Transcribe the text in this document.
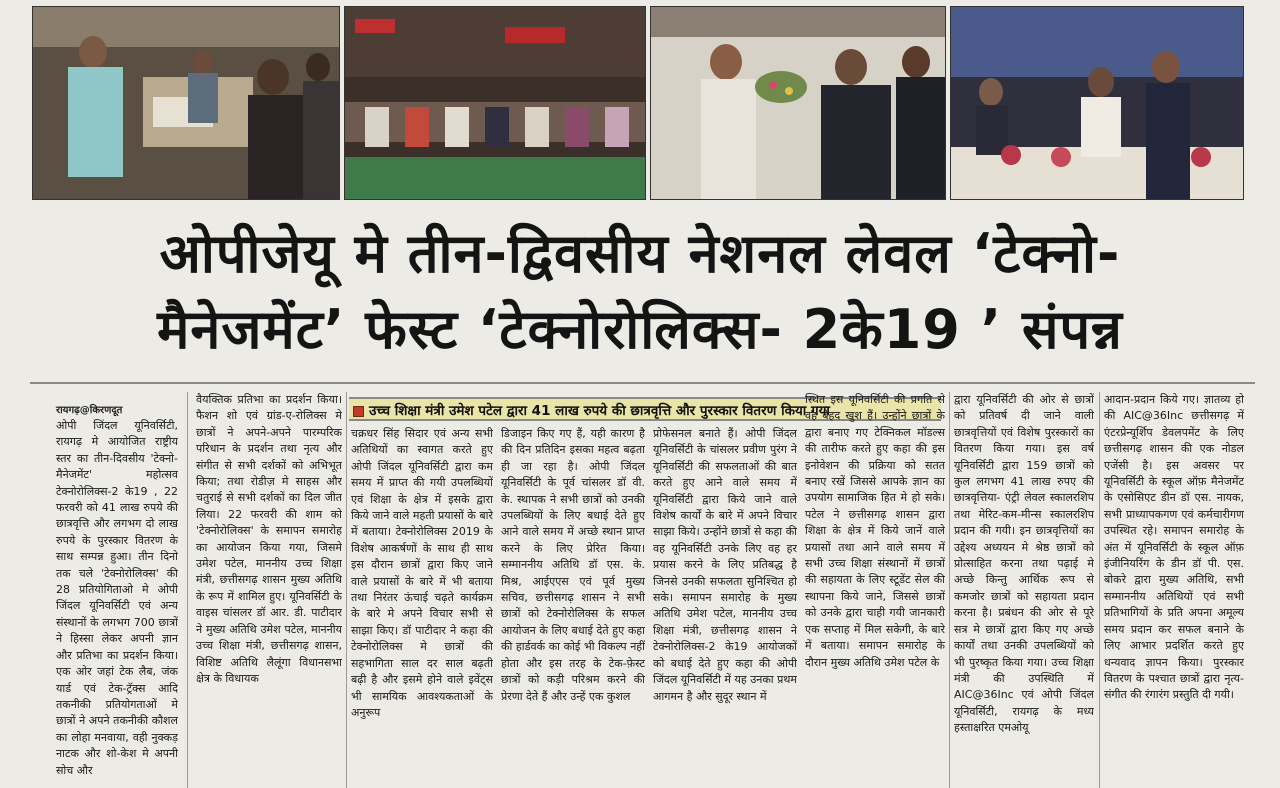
ओपीजेयू मे तीन-द्विवसीय नेशनल लेवल ‘टेक्नो-
मैनेजमेंट’ फेस्ट ‘टेक्नोरोलिक्स- 2के19 ’ संपन्न
उच्च शिक्षा मंत्री उमेश पटेल द्वारा 41 लाख रुपये की छात्रवृत्ति और पुरस्कार वितरण किया गया
रायगढ़@किरणदूत
ओपी जिंदल यूनिवर्सिटी, रायगढ़ मे आयोजित राष्ट्रीय स्तर का तीन-दिवसीय 'टेक्नो-मैनेजमेंट' महोत्सव टेक्नोरोलिक्स-2 के19 , 22 फरवरी को 41 लाख रुपये की छात्रवृत्ति और लगभग दो लाख रुपये के पुरस्कार वितरण के साथ सम्पन्न हुआ। तीन दिनो तक चले 'टेक्नोरोलिक्स' की 28 प्रतियोगिताओ मे ओपी जिंदल यूनिवर्सिटी एवं अन्य संस्थानों के लगभग 700 छात्रों ने हिस्सा लेकर अपनी ज्ञान और प्रतिभा का प्रदर्शन किया। एक ओर जहां टेक लैब, जंक यार्ड एवं टेक-ट्रॅक्स आदि तकनीकी प्रतियोगताओं मे छात्रों ने अपने तकनीकी कौशल का लोहा मनवाया, वही नुक्कड़ नाटक और शो-केश मे अपनी सोच और
वैयक्तिक प्रतिभा का प्रदर्शन किया।फैशन शो एवं ग्रांड-ए-रोलिक्स मे छात्रों ने अपने-अपने पारम्परिक परिधान के प्रदर्शन तथा नृत्य और संगीत से सभी दर्शकों को अभिभूत किया; तथा रोडीज़ मे साहस और चतुराई से सभी दर्शकों का दिल जीत लिया। 22 फरवरी की शाम को 'टेक्नोरोलिक्स' के समापन समारोह का आयोजन किया गया, जिसमे उमेश पटेल, माननीय उच्च शिक्षा मंत्री, छत्तीसगढ़ शासन मुख्य अतिथि के रूप में शामिल हुए। यूनिवर्सिटी के वाइस चांसलर डॉ आर. डी. पाटीदार ने मुख्य अतिथि उमेश पटेल, माननीय उच्च शिक्षा मंत्री, छत्तीसगढ़ शासन, विशिष्ट अतिथि लैलूंगा विधानसभा क्षेत्र के विधायक
चक्रधर सिंह सिदार एवं अन्य सभी अतिथियों का स्वागत करते हुए ओपी जिंदल यूनिवर्सिटी द्वारा कम समय में प्राप्त की गयी उपलब्धियों एवं शिक्षा के क्षेत्र में इसके द्वारा किये जाने वाले महती प्रयासों के बारे में बताया। टेक्नोरोलिक्स 2019 के विशेष आकर्षणों के साथ ही साथ इस दौरान छात्रों द्वारा किए जाने वाले प्रयासों के बारे में भी बताया तथा निरंतर ऊंचाई चढ़ते कार्यक्रम के बारे मे अपने विचार सभी से साझा किए। डॉ पाटीदार ने कहा की टेक्नोरोलिक्स मे छात्रों की सहभागिता साल दर साल बढ़ती बढ़ी है और इसमे होने वाले इवेंट्स भी सामयिक आवश्यकताओं के अनुरूप
डिजाइन किए गए हैं, यही कारण है की दिन प्रतिदिन इसका महत्व बढ़ता ही जा रहा है। ओपी जिंदल यूनिवर्सिटी के पूर्व चांसलर डॉ वी. के. स्थापक ने सभी छात्रों को उनकी उपलब्धियों के लिए बधाई देते हुए आने वाले समय में अच्छे स्थान प्राप्त करने के लिए प्रेरित किया। सम्माननीय अतिथि डॉ एस. के. मिश्र, आईएएस एवं पूर्व मुख्य सचिव, छत्तीसगढ़ शासन ने सभी छात्रों को टेक्नोरोलिक्स के सफल आयोजन के लिए बधाई देते हुए कहा की हार्डवर्क का कोई भी विकल्प नहीं होता और इस तरह के टेक-फ़ेस्ट छात्रों को कड़ी परिश्रम करने की प्रेरणा देते हैं और उन्हें एक कुशल
प्रोफेसनल बनाते हैं। ओपी जिंदल यूनिवर्सिटी के चांसलर प्रवीण पुरंग ने यूनिवर्सिटी की सफलताओं की बात करते हुए आने वाले समय में यूनिवर्सिटी द्वारा किये जाने वाले विशेष कार्यों के बारे में अपने विचार साझा किये। उन्होंने छात्रों से कहा की वह यूनिवर्सिटी उनके लिए वह हर प्रयास करने के लिए प्रतिबद्ध है जिनसे उनकी सफलता सुनिश्चित हो सके। समापन समारोह के मुख्य अतिथि उमेश पटेल, माननीय उच्च शिक्षा मंत्री, छत्तीसगढ़ शासन ने टेक्नोरोलिक्स-2 के19 आयोजकों को बधाई देते हुए कहा की ओपी जिंदल यूनिवर्सिटी में यह उनका प्रथम आगमन है और सुदूर स्थान में
स्थित इस यूनिवर्सिटी की प्रगति से वह बेहद खुश हैं। उन्होंने छात्रों के द्वारा बनाए गए टेक्निकल मॉडल्स की तारीफ करते हुए कहा की इस इनोवेशन की प्रक्रिया को सतत बनाए रखें जिससे आपके ज्ञान का उपयोग सामाजिक हित मे हो सके। पटेल ने छत्तीसगढ़ शासन द्वारा शिक्षा के क्षेत्र में किये जानें वाले प्रयासों तथा आने वाले समय में सभी उच्च शिक्षा संस्थानों में छात्रों की सहायता के लिए स्टूडेंट सेल की स्थापना किये जाने, जिससे छात्रों को उनके द्वारा चाही गयी जानकारी एक सप्ताह में मिल सकेगी, के बारे में बताया। समापन समारोह के दौरान मुख्य अतिथि उमेश पटेल के
द्वारा यूनिवर्सिटी की ओर से छात्रों को प्रतिवर्ष दी जाने वाली छात्रवृत्तियों एवं विशेष पुरस्कारों का वितरण किया गया। इस वर्ष यूनिवर्सिटी द्वारा 159 छात्रों को कुल लगभग 41 लाख रुपए की छात्रवृत्तिया- एंट्री लेवल स्कालरशिप तथा मेरिट-कम-मीन्स स्कालरशिप प्रदान की गयी। इन छात्रवृत्तियों का उद्देश्य अध्ययन मे श्रेष्ठ छात्रों को प्रोत्साहित करना तथा पढ़ाई मे अच्छे किन्तु आर्थिक रूप से कमजोर छात्रों को सहायता प्रदान करना है। प्रबंधन की ओर से पूरे सत्र मे छात्रों द्वारा किए गए अच्छे कार्यों तथा उनकी उपलब्धियों को भी पुरष्कृत किया गया। उच्च शिक्षा मंत्री की उपस्थिति में AIC@36Inc एवं ओपी जिंदल यूनिवर्सिटी, रायगढ़ के मध्य हस्ताक्षरित एमओयू
आदान-प्रदान किये गए। ज्ञातव्य हो की AIC@36Inc छत्तीसगढ़ में एंटरप्रेन्यूर्शिप डेवलपमेंट के लिए छत्तीसगढ़ शासन की एक नोडल एजेंसी है। इस अवसर पर यूनिवर्सिटी के स्कूल ऑफ़ मैनेजमेंट के एसोसिएट डीन डॉ एस. नायक, सभी प्राध्यापकगण एवं कर्मचारीगण उपस्थित रहे। समापन समारोह के अंत में यूनिवर्सिटी के स्कूल ऑफ़ इंजीनियरिंग के डीन डॉ पी. एस. बोकरे द्वारा मुख्य अतिथि, सभी सम्माननीय अतिथियों एवं सभी प्रतिभागियों के प्रति अपना अमूल्य समय प्रदान कर सफल बनाने के लिए आभार प्रदर्शित करते हुए धन्यवाद ज्ञापन किया। पुरस्कार वितरण के पश्चात छात्रों द्वारा नृत्य-संगीत की रंगारंग प्रस्तुति दी गयी।
